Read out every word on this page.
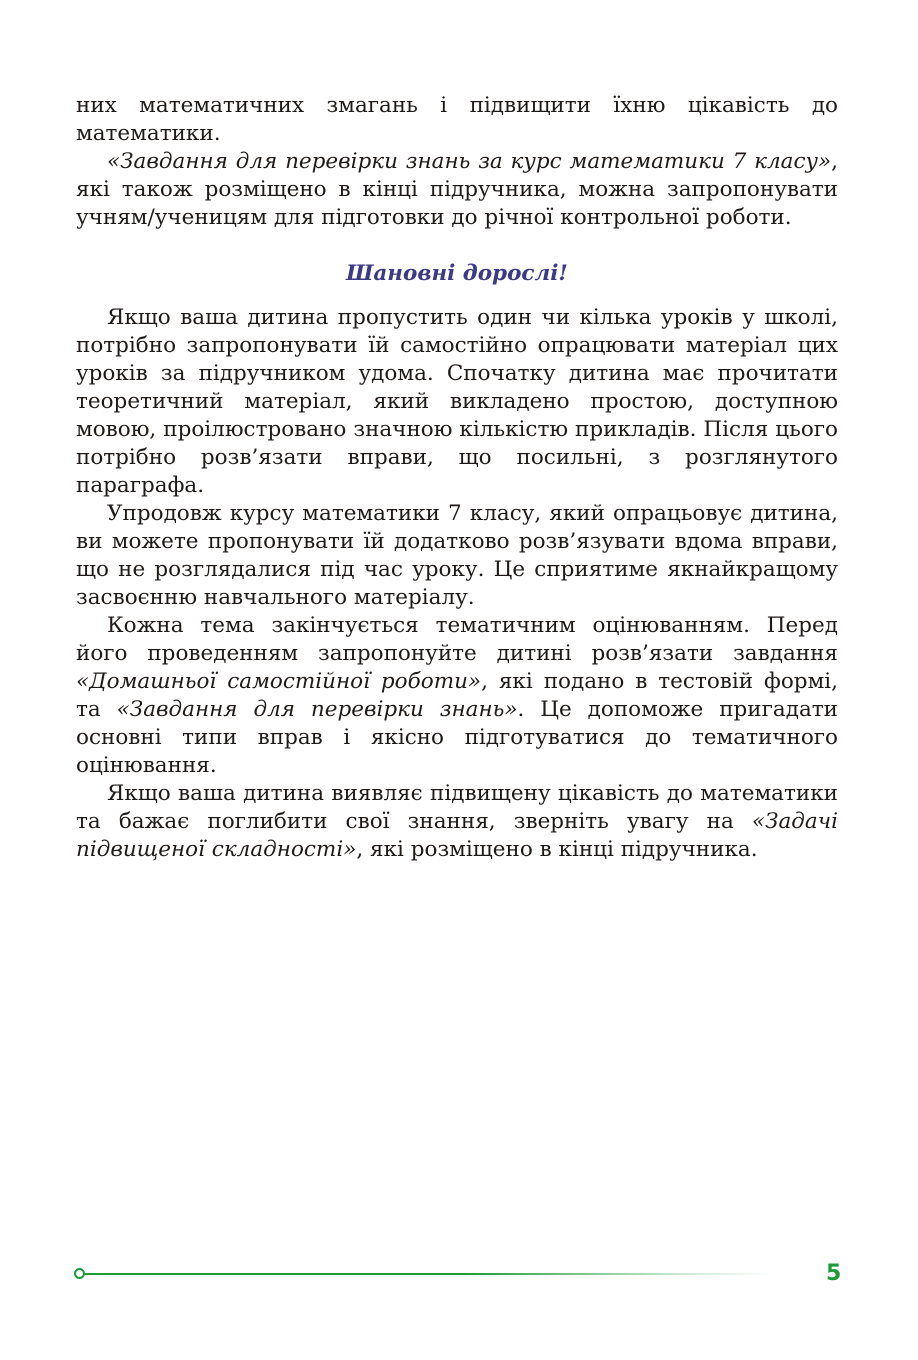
них математичних змагань і підвищити їхню цікавість до математики.

«Завдання для перевірки знань за курс математики 7 класу», які також розміщено в кінці підручника, можна запропонувати учням/ученицям для підготовки до річної контрольної роботи.

Шановні дорослі!

Якщо ваша дитина пропустить один чи кілька уроків у школі, потрібно запропонувати їй самостійно опрацювати матеріал цих уроків за підручником удома. Спочатку дитина має прочитати теоретичний матеріал, який викладено простою, доступною мовою, проілюстровано значною кількістю прикладів. Після цього потрібно розв’язати вправи, що посильні, з розглянутого параграфа.

Упродовж курсу математики 7 класу, який опрацьовує дитина, ви можете пропонувати їй додатково розв’язувати вдома вправи, що не розглядалися під час уроку. Це сприятиме якнайкращому засвоєнню навчального матеріалу.

Кожна тема закінчується тематичним оцінюванням. Перед його проведенням запропонуйте дитині розв’язати завдання «Домашньої самостійної роботи», які подано в тестовій формі, та «Завдання для перевірки знань». Це допоможе пригадати основні типи вправ і якісно підготуватися до тематичного оцінювання.

Якщо ваша дитина виявляє підвищену цікавість до математики та бажає поглибити свої знання, зверніть увагу на «Задачі підвищеної складності», які розміщено в кінці підручника.

5
